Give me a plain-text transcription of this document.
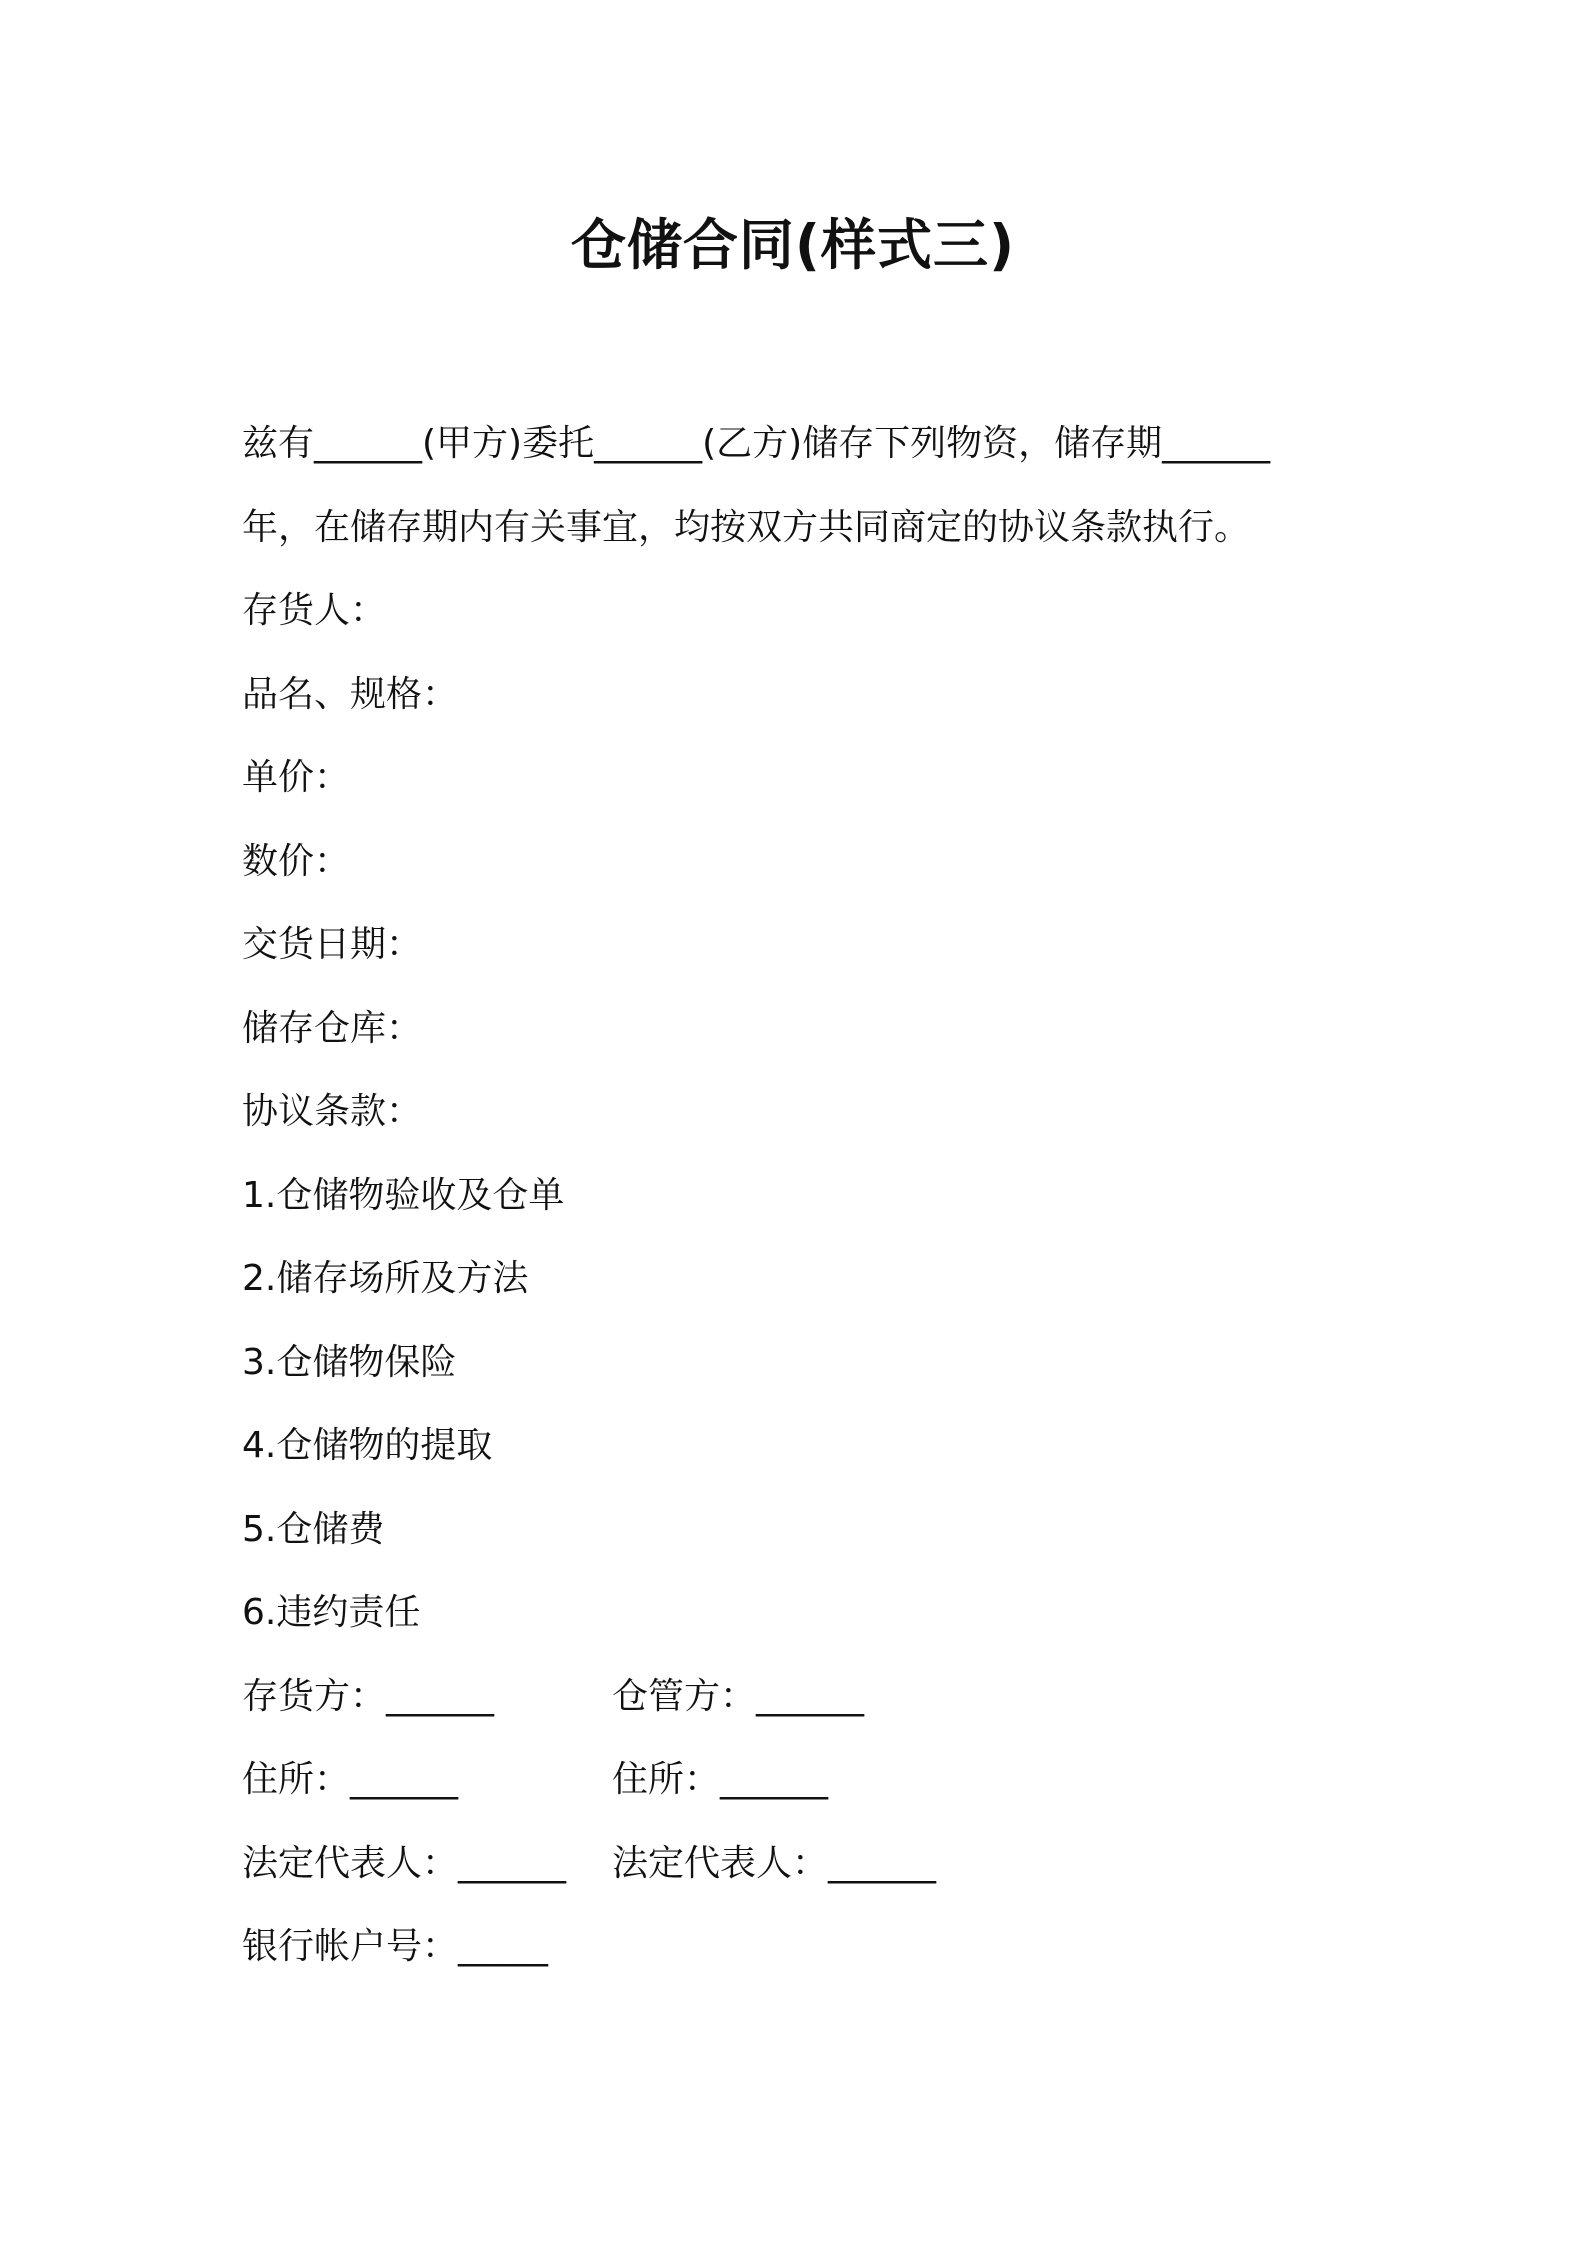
仓储合同(样式三)

兹有______(甲方)委托______(乙方)储存下列物资，储存期______

年，在储存期内有关事宜，均按双方共同商定的协议条款执行。

存货人：

品名、规格：

单价：

数价：

交货日期：

储存仓库：

协议条款：

1.仓储物验收及仓单

2.储存场所及方法

3.仓储物保险

4.仓储物的提取

5.仓储费

6.违约责任

存货方：______	仓管方：______
住所：______	住所：______
法定代表人：______	法定代表人：______

银行帐户号：_____
